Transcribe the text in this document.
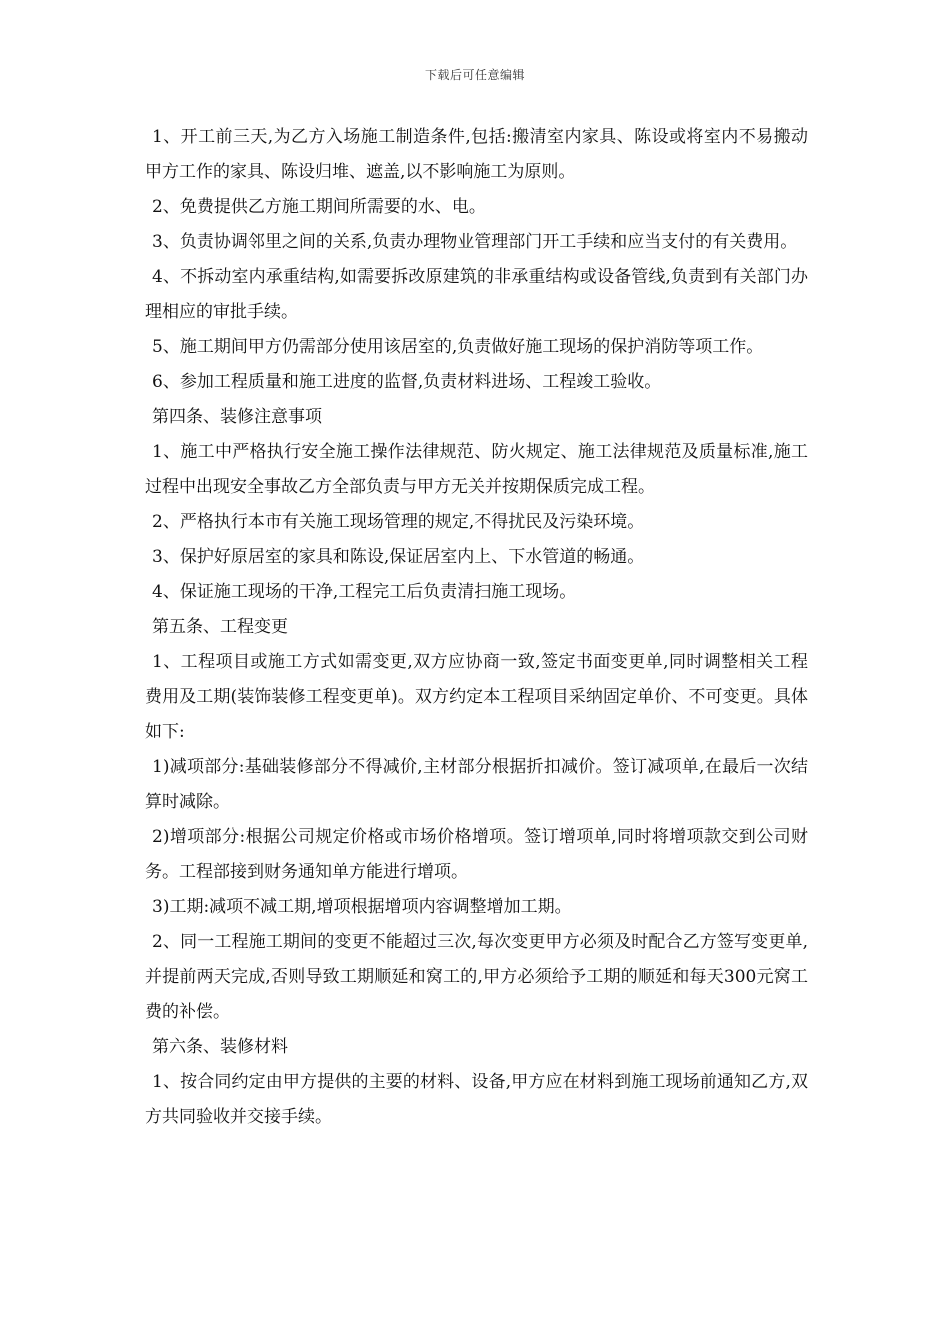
下载后可任意编辑

1、开工前三天,为乙方入场施工制造条件,包括:搬清室内家具、陈设或将室内不易搬动甲方工作的家具、陈设归堆、遮盖,以不影响施工为原则。

2、免费提供乙方施工期间所需要的水、电。

3、负责协调邻里之间的关系,负责办理物业管理部门开工手续和应当支付的有关费用。

4、不拆动室内承重结构,如需要拆改原建筑的非承重结构或设备管线,负责到有关部门办理相应的审批手续。

5、施工期间甲方仍需部分使用该居室的,负责做好施工现场的保护消防等项工作。

6、参加工程质量和施工进度的监督,负责材料进场、工程竣工验收。

第四条、装修注意事项

1、施工中严格执行安全施工操作法律规范、防火规定、施工法律规范及质量标准,施工过程中出现安全事故乙方全部负责与甲方无关并按期保质完成工程。

2、严格执行本市有关施工现场管理的规定,不得扰民及污染环境。

3、保护好原居室的家具和陈设,保证居室内上、下水管道的畅通。

4、保证施工现场的干净,工程完工后负责清扫施工现场。

第五条、工程变更

1、工程项目或施工方式如需变更,双方应协商一致,签定书面变更单,同时调整相关工程费用及工期(装饰装修工程变更单)。双方约定本工程项目采纳固定单价、不可变更。具体如下:

1)减项部分:基础装修部分不得减价,主材部分根据折扣减价。签订减项单,在最后一次结算时减除。

2)增项部分:根据公司规定价格或市场价格增项。签订增项单,同时将增项款交到公司财务。工程部接到财务通知单方能进行增项。

3)工期:减项不减工期,增项根据增项内容调整增加工期。

2、同一工程施工期间的变更不能超过三次,每次变更甲方必须及时配合乙方签写变更单,并提前两天完成,否则导致工期顺延和窝工的,甲方必须给予工期的顺延和每天300元窝工费的补偿。

第六条、装修材料

1、按合同约定由甲方提供的主要的材料、设备,甲方应在材料到施工现场前通知乙方,双方共同验收并交接手续。
